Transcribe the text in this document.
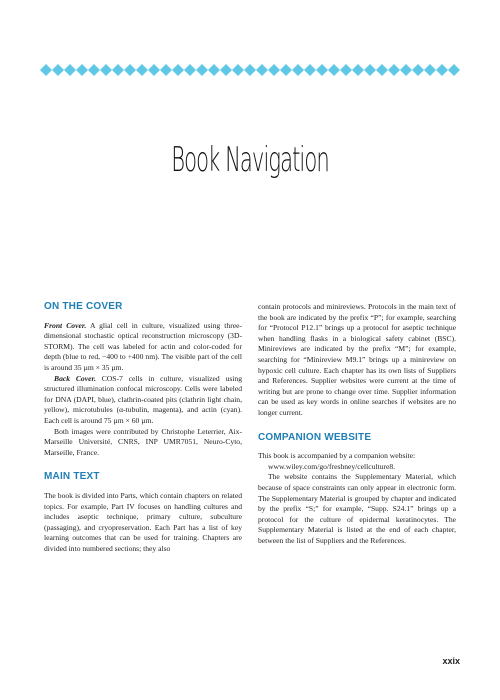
Book Navigation
ON THE COVER

Front Cover. A glial cell in culture, visualized using three-dimensional stochastic optical reconstruction microscopy (3D-STORM). The cell was labeled for actin and color-coded for depth (blue to red, −400 to +400 nm). The visible part of the cell is around 35 µm × 35 µm.

Back Cover. COS-7 cells in culture, visualized using structured illumination confocal microscopy. Cells were labeled for DNA (DAPI, blue), clathrin-coated pits (clathrin light chain, yellow), microtubules (α-tubulin, magenta), and actin (cyan). Each cell is around 75 µm × 60 µm.

Both images were contributed by Christophe Leterrier, Aix-Marseille Université, CNRS, INP UMR7051, Neuro-Cyto, Marseille, France.

MAIN TEXT

The book is divided into Parts, which contain chapters on related topics. For example, Part IV focuses on handling cultures and includes aseptic technique, primary culture, subculture (passaging), and cryopreservation. Each Part has a list of key learning outcomes that can be used for training. Chapters are divided into numbered sections; they also

contain protocols and minireviews. Protocols in the main text of the book are indicated by the prefix “P”; for example, searching for “Protocol P12.1” brings up a protocol for aseptic technique when handling flasks in a biological safety cabinet (BSC). Minireviews are indicated by the prefix “M”; for example, searching for “Minireview M9.1” brings up a minireview on hypoxic cell culture. Each chapter has its own lists of Suppliers and References. Supplier websites were current at the time of writing but are prone to change over time. Supplier information can be used as key words in online searches if websites are no longer current.

COMPANION WEBSITE

This book is accompanied by a companion website:
www.wiley.com/go/freshney/cellculture8.

The website contains the Supplementary Material, which because of space constraints can only appear in electronic form. The Supplementary Material is grouped by chapter and indicated by the prefix “S;” for example, “Supp. S24.1” brings up a protocol for the culture of epidermal keratinocytes. The Supplementary Material is listed at the end of each chapter, between the list of Suppliers and the References.

xxix
